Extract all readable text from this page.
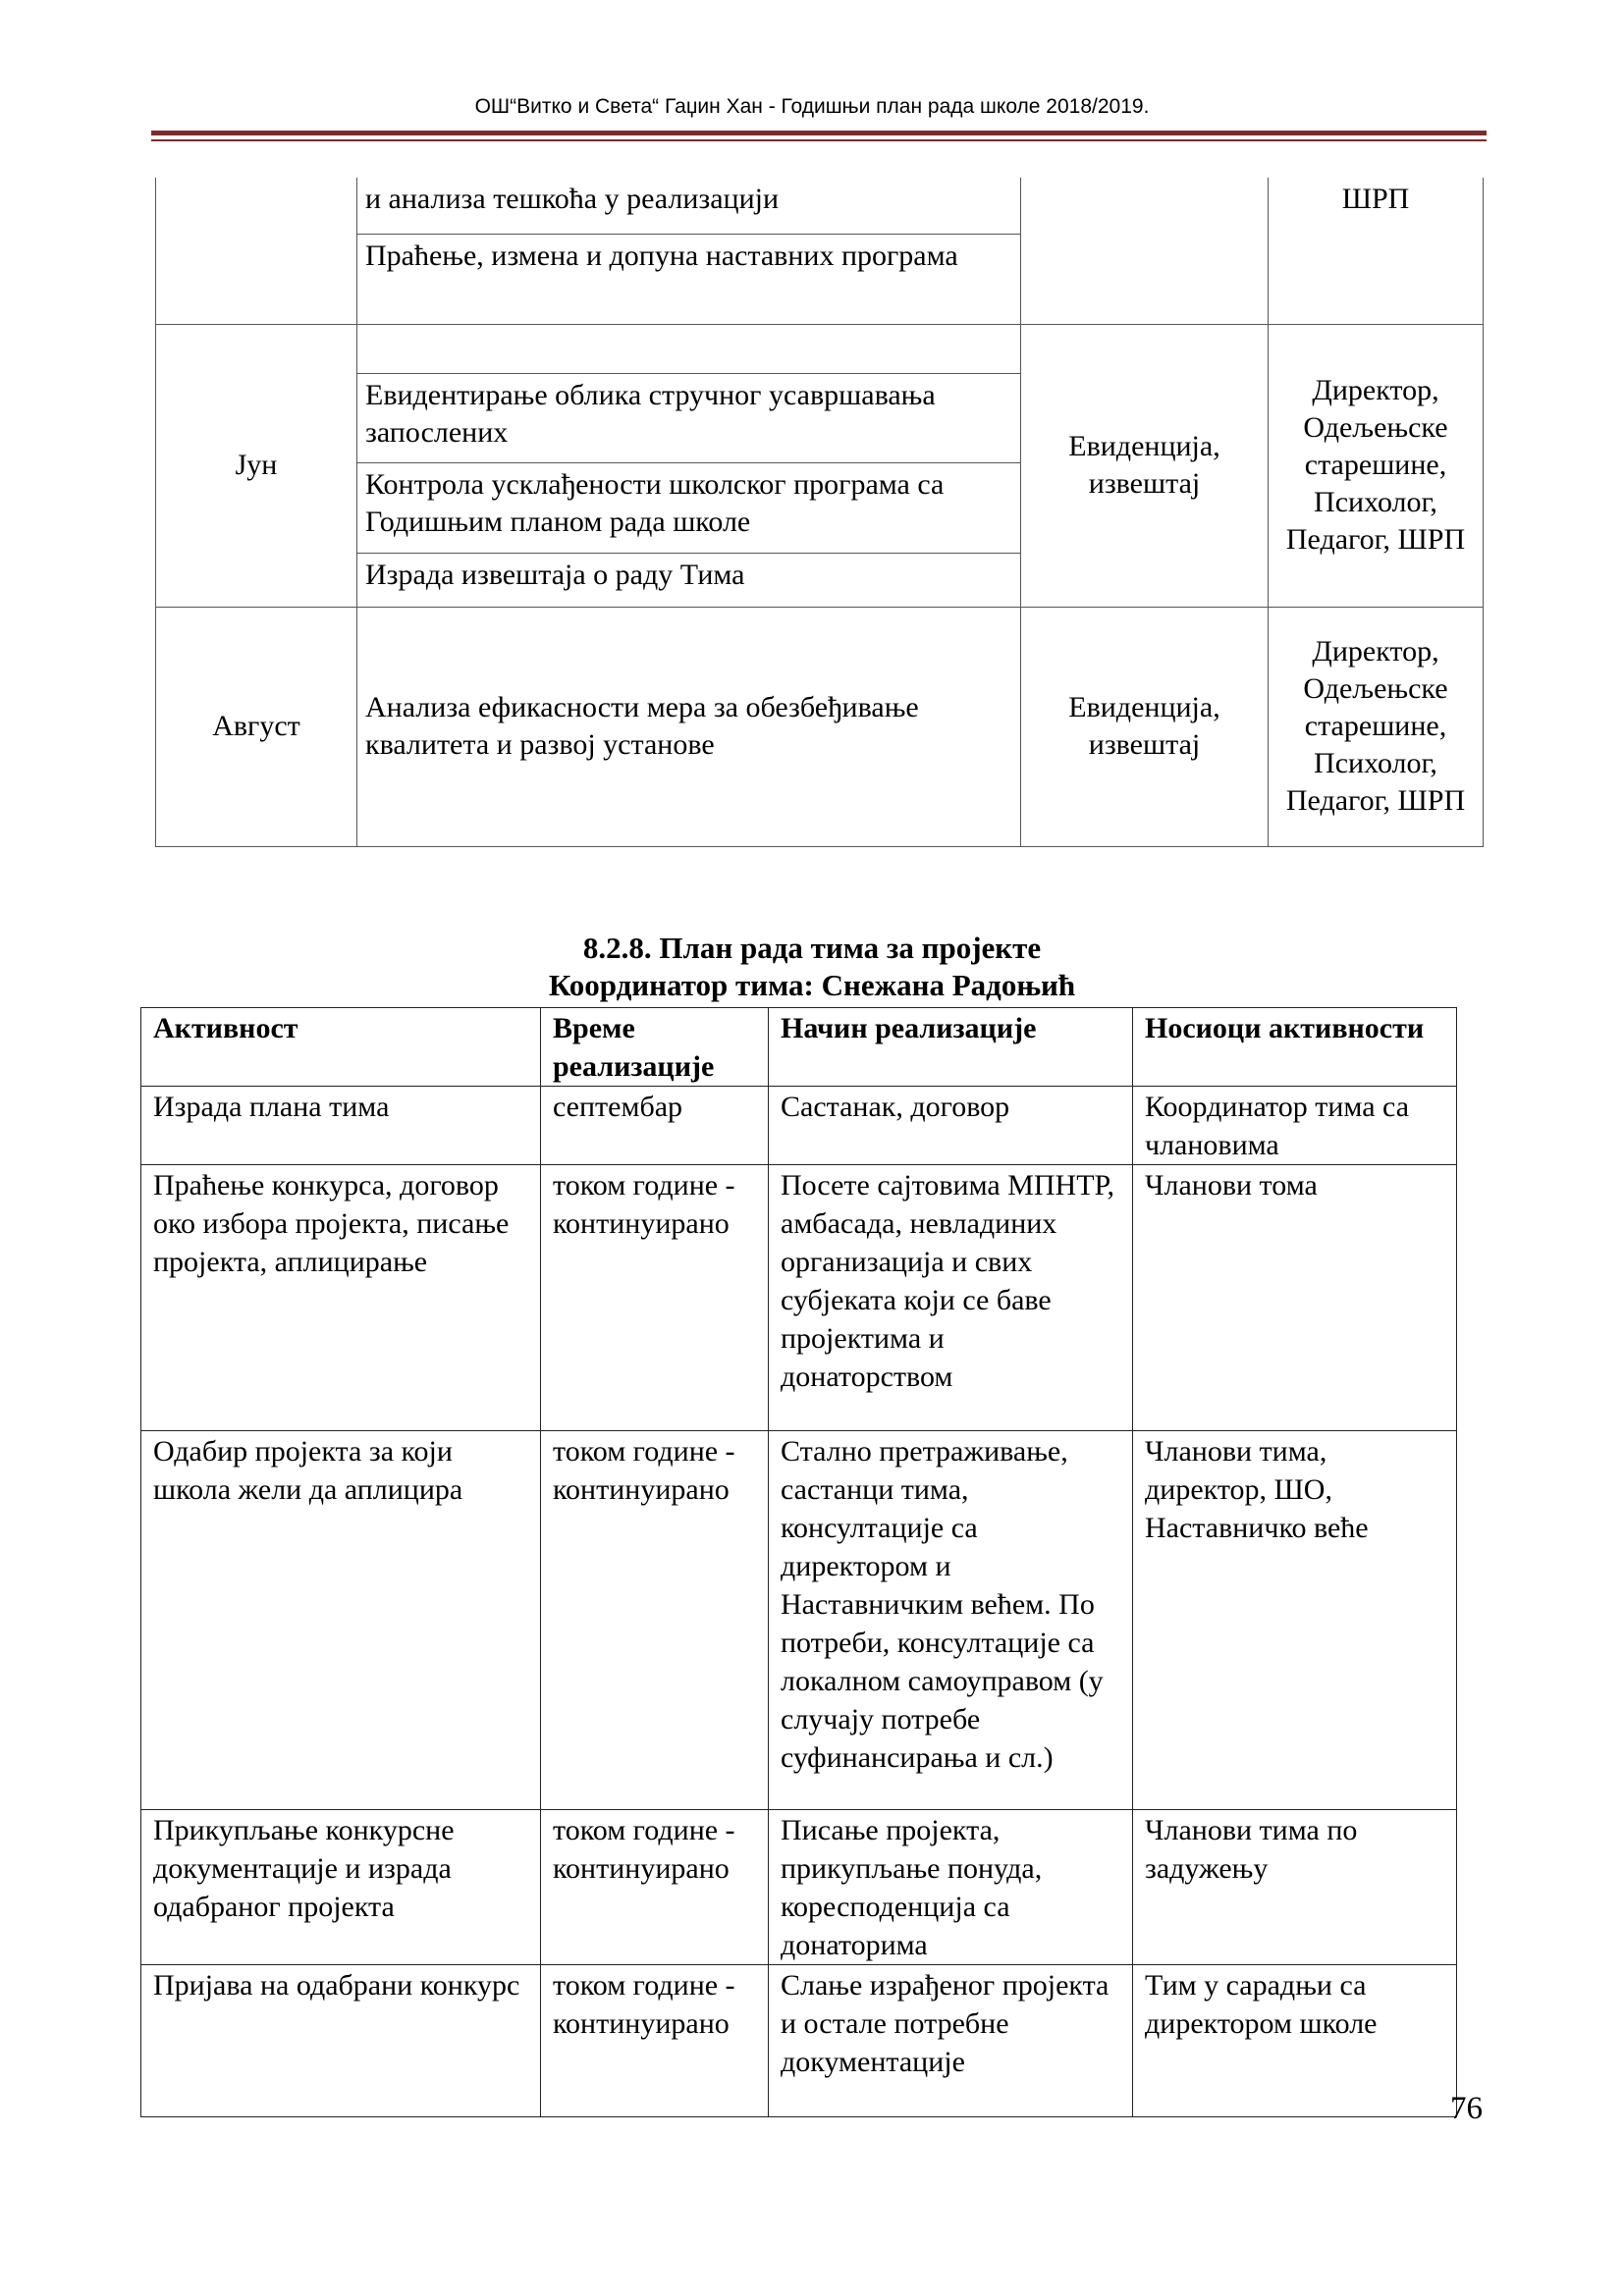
ОШ“Витко и Света“ Гаџин Хан - Годишњи план рада школе 2018/2019.
	и анализа тешкоћа у реализацији		ШРП
	Праћење, измена и допуна наставних програма		
Јун		Евиденција, извештај	Директор, Одељењске старешине, Психолог, Педагог, ШРП
	Евидентирање облика стручног усавршавања запослених		
	Контрола усклађености школског програма са Годишњим планом рада школе		
	Израда извештаја о раду Тима		
Август	Анализа ефикасности мера за обезбеђивање квалитета и развој установе	Евиденција, извештај	Директор, Одељењске старешине, Психолог, Педагог, ШРП
8.2.8. План рада тима за пројекте
Координатор тима: Снежана Радоњић
Активност	Време реализације	Начин реализације	Носиоци активности
Израда плана тима	септембар	Састанак, договор	Координатор тима са члановима
Праћење конкурса, договор око избора пројекта, писање пројекта, аплицирање	током године - континуирано	Посете сајтовима МПНТР, амбасада, невладиних организација и свих субјеката који се баве пројектима и донаторством	Чланови тома
Одабир пројекта за који школа жели да аплицира	током године - континуирано	Стално претраживање, састанци тима, консултације са директором и Наставничким већем. По потреби, консултације са локалном самоуправом (у случају потребе суфинансирања и сл.)	Чланови тима, директор, ШО, Наставничко веће
Прикупљање конкурсне документације и израда одабраног пројекта	током године - континуирано	Писање пројекта, прикупљање понуда, коресподенција са донаторима	Чланови тима по задужењу
Пријава на одабрани конкурс	током године - континуирано	Слање израђеног пројекта и остале потребне документације	Тим у сарадњи са директором школе
76
